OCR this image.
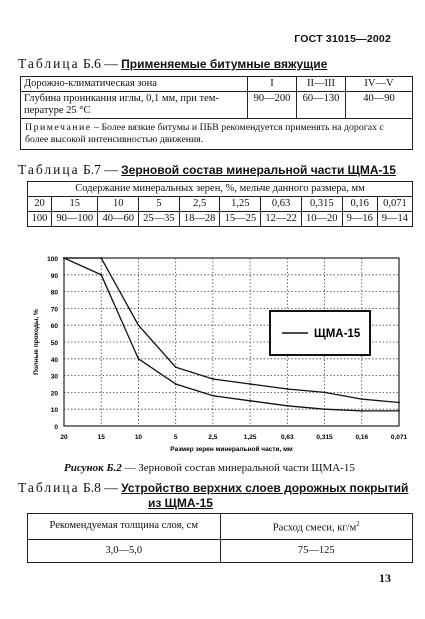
ГОСТ 31015—2002
Таблица Б.6 — Применяемые битумные вяжущие
Дорожно-климатическая зона	I	II—III	IV—V

Глубина проникания иглы, 0,1 мм, при тем-
пературе 25 °C	90—200	60—130	40—90
Примечание – Более вязкие битумы и ПБВ рекомендуется применять на дорогах с более высокой интенсивностью движения.			
Таблица Б.7 — Зерновой состав минеральной части ЩМА-15
Содержание минеральных зерен, %, мельче данного размера, мм									
20	15	10	5	2,5	1,25	0,63	0,315	0,16	0,071
100	90—100	40—60	25—35	18—28	15—25	12—22	10—20	9—16	9—14
100
90
80
70
60
50
40
30
20
10
0
20	15	10	5	2,5	1,25	0,63	0,315	0,16	0,071
Размер зерен минеральной части, мм
Полные проходы, %	ЩМА-15
Рисунок Б.2 — Зерновой состав минеральной части ЩМА-15
Таблица Б.8 — Устройство верхних слоев дорожных покрытий
из ЩМА-15
Рекомендуемая толщина слоя, см	Расход смеси, $кг/м^2$
3,0—5,0	75—125
13
